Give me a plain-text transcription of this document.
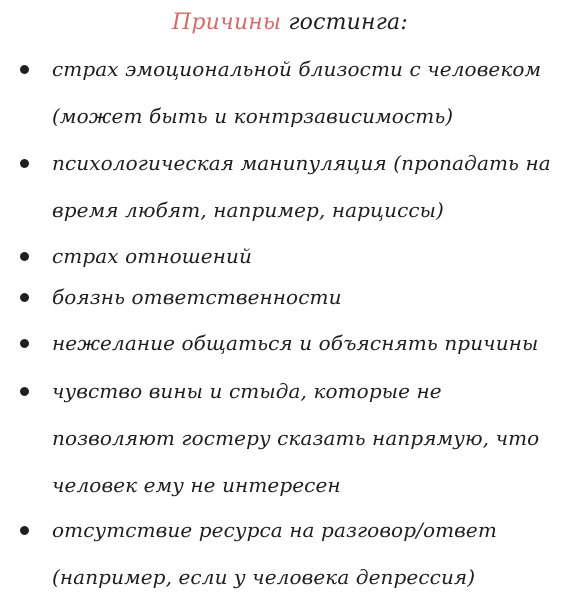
Причины гостинга:
страх эмоциональной близости с человеком (может быть и контрзависимость)
психологическая манипуляция (пропадать на время любят, например, нарциссы)
страх отношений
боязнь ответственности
нежелание общаться и объяснять причины
чувство вины и стыда, которые не позволяют гостеру сказать напрямую, что человек ему не интересен
отсутствие ресурса на разговор/ответ (например, если у человека депрессия)
